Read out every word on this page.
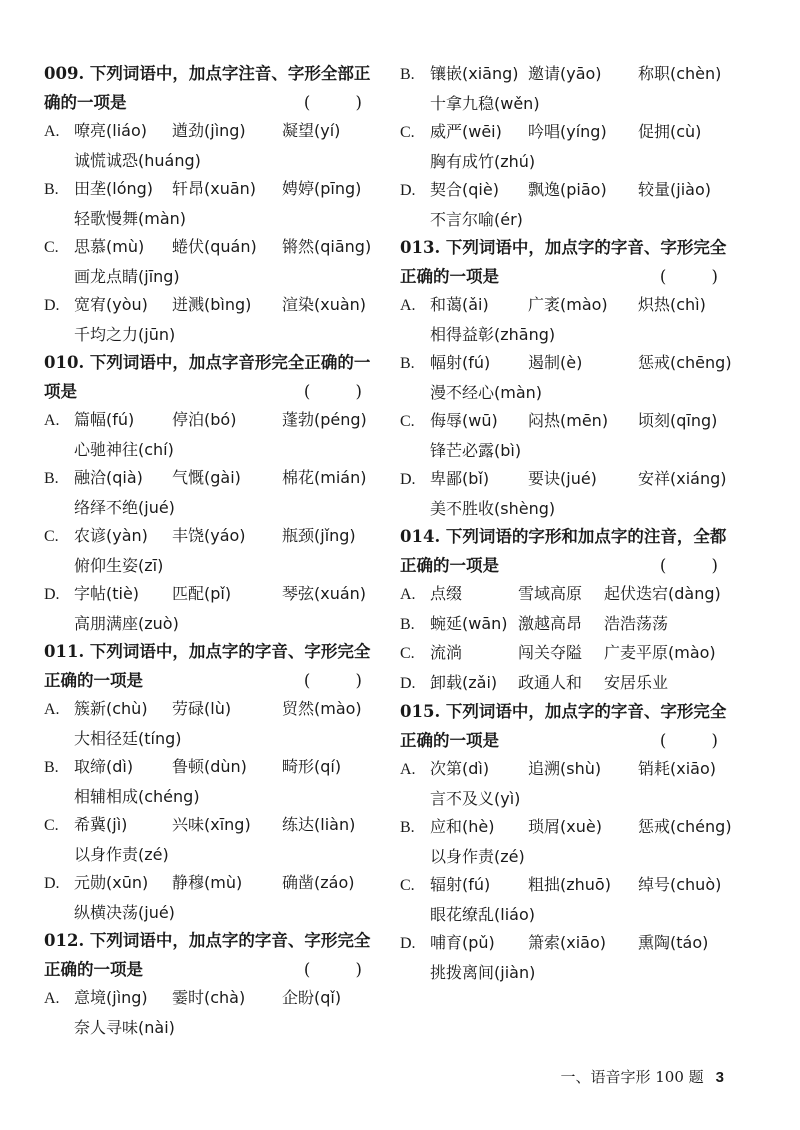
009. 下列词语中，加点字注音、字形全部正
确的一项是	( )
A. 嘹亮(liáo) 遒劲(jìng) 凝望(yí)
诚慌诚恐(huáng)
B. 田垄(lóng) 轩昂(xuān) 娉婷(pīng)
轻歌慢舞(màn)
C. 思慕(mù) 蜷伏(quán) 锵然(qiāng)
画龙点睛(jīng)
D. 宽宥(yòu) 迸溅(bìng) 渲染(xuàn)
千均之力(jūn)
010. 下列词语中，加点字音形完全正确的一
项是	( )
A. 篇幅(fú) 停泊(bó)	蓬勃(péng)
心驰神往(chí)
B. 融洽(qià) 气慨(gài)	棉花(mián)
络绎不绝(jué)
C. 农谚(yàn) 丰饶(yáo) 瓶颈(jǐng)
俯仰生姿(zī)
D. 字帖(tiè) 匹配(pǐ)	琴弦(xuán)
高朋满座(zuò)
011. 下列词语中，加点字的字音、字形完全
正确的一项是	( )
A. 簇新(chù) 劳碌(lù)	贸然(mào)
大相径廷(tíng)
B. 取缔(dì) 鲁顿(dùn) 畸形(qí)
相辅相成(chéng)
C. 希冀(jì)	兴味(xīng) 练达(liàn)
以身作责(zé)
D. 元勋(xūn) 静穆(mù) 确凿(záo)
纵横决荡(jué)
012. 下列词语中，加点字的字音、字形完全
正确的一项是	( )
A. 意境(jìng) 霎时(chà) 企盼(qǐ)
奈人寻味(nài)
B. 镶嵌(xiāng) 邀请(yāo) 称职(chèn)
十拿九稳(wěn)
C. 威严(wēi) 吟唱(yíng) 促拥(cù)
胸有成竹(zhú)
D. 契合(qiè) 飘逸(piāo) 较量(jiào)
不言尔喻(ér)
013. 下列词语中，加点字的字音、字形完全
正确的一项是	( )
A. 和蔼(ǎi) 广袤(mào) 炽热(chì)
相得益彰(zhāng)
B. 幅射(fú) 遏制(è)	惩戒(chēng)
漫不经心(màn)
C. 侮辱(wū) 闷热(mēn) 顷刻(qīng)
锋芒必露(bì)
D. 卑鄙(bǐ) 要诀(jué)	安祥(xiáng)
美不胜收(shèng)
014. 下列词语的字形和加点字的注音，全都
正确的一项是	( )
A. 点缀	雪域高原 起伏迭宕(dàng)
B. 蜿延(wān) 激越高昂 浩浩荡荡
C. 流淌	闯关夺隘 广麦平原(mào)
D. 卸载(zǎi) 政通人和 安居乐业
015. 下列词语中，加点字的字音、字形完全
正确的一项是	( )
A. 次第(dì) 追溯(shù) 销耗(xiāo)
言不及义(yì)
B. 应和(hè) 琐屑(xuè) 惩戒(chéng)
以身作责(zé)
C. 辐射(fú) 粗拙(zhuō) 绰号(chuò)
眼花缭乱(liáo)
D. 哺育(pǔ) 箫索(xiāo) 熏陶(táo)
挑拨离间(jiàn)
一、语音字形 100 题 3
